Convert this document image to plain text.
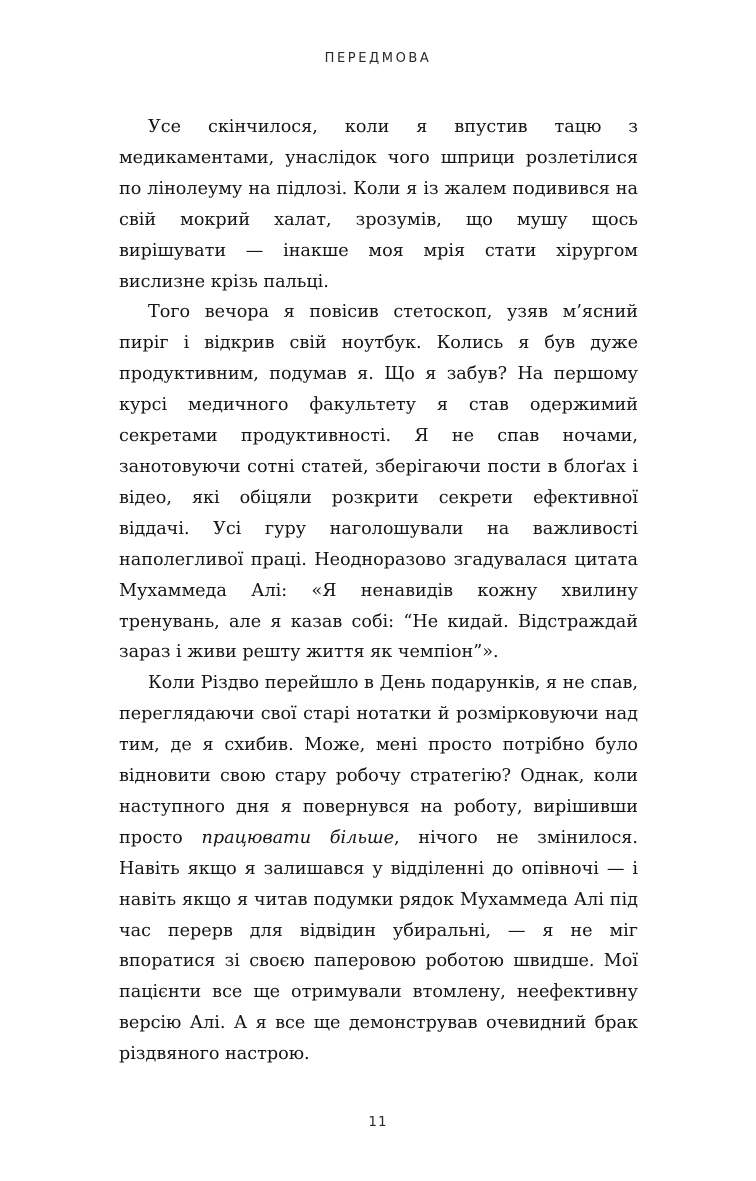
ПЕРЕДМОВА

Усе скінчилося, коли я впустив тацю з медикаментами, унаслідок чого шприци розлетілися по лінолеуму на підлозі. Коли я із жалем подивився на свій мокрий халат, зрозумів, що мушу щось вирішувати — інакше моя мрія стати хірургом вислизне крізь пальці.

Того вечора я повісив стетоскоп, узяв м’ясний пиріг і відкрив свій ноутбук. Колись я був дуже продуктивним, подумав я. Що я забув? На першому курсі медичного факультету я став одержимий секретами продуктивності. Я не спав ночами, занотовуючи сотні статей, зберігаючи пости в блоґах і відео, які обіцяли розкрити секрети ефективної віддачі. Усі гуру наголошували на важливості наполегливої праці. Неодноразово згадувалася цитата Мухаммеда Алі: «Я ненавидів кожну хвилину тренувань, але я казав собі: “Не кидай. Відстраждай зараз і живи решту життя як чемпіон”».

Коли Різдво перейшло в День подарунків, я не спав, переглядаючи свої старі нотатки й розмірковуючи над тим, де я схибив. Може, мені просто потрібно було відновити свою стару робочу стратегію? Однак, коли наступного дня я повернувся на роботу, вирішивши просто працювати більше, нічого не змінилося. Навіть якщо я залишався у відділенні до опівночі — і навіть якщо я читав подумки рядок Мухаммеда Алі під час перерв для відвідин убиральні, — я не міг впоратися зі своєю паперовою роботою швидше. Мої пацієнти все ще отримували втомлену, неефективну версію Алі. А я все ще демонстрував очевидний брак різдвяного настрою.

11
